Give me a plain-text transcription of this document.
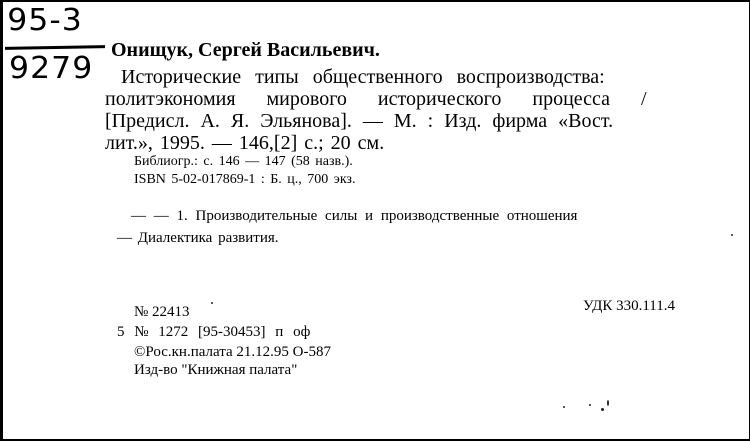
95-3
9279
Онищук, Сергей Васильевич.
Исторические типы общественного воспроизводства:
политэкономия мирового исторического процесса /
[Предисл. А. Я. Эльянова]. — М. : Изд. фирма «Вост.
лит.», 1995. — 146,[2] с.; 20 см.
Библиогр.: с. 146 — 147 (58 назв.).
ISBN 5-02-017869-1 : Б. ц., 700 экз.
— — 1. Производительные силы и производственные отношения
— Диалектика развития.
№ 22413	УДК 330.111.4
5 № 1272 [95-30453] п оф
©Рос.кн.палата 21.12.95 О-587
Изд-во "Книжная палата"
